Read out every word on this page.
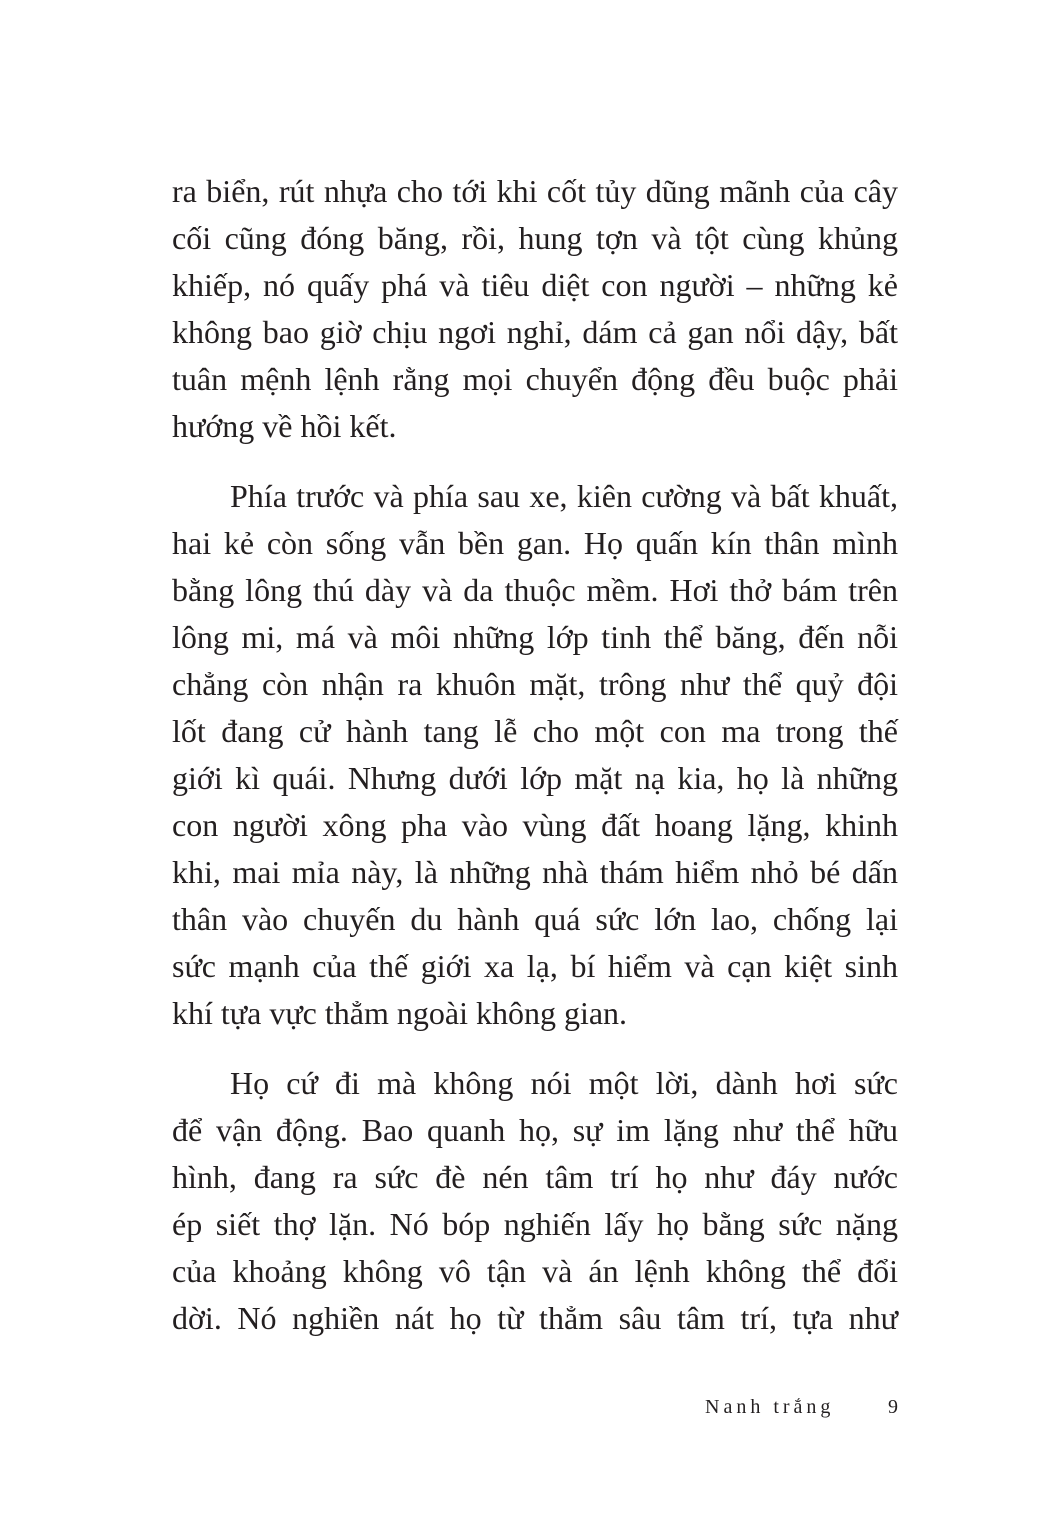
ra biển, rút nhựa cho tới khi cốt tủy dũng mãnh của cây
cối cũng đóng băng, rồi, hung tợn và tột cùng khủng
khiếp, nó quấy phá và tiêu diệt con người – những kẻ
không bao giờ chịu ngơi nghỉ, dám cả gan nổi dậy, bất
tuân mệnh lệnh rằng mọi chuyển động đều buộc phải
hướng về hồi kết.
Phía trước và phía sau xe, kiên cường và bất khuất,
hai kẻ còn sống vẫn bền gan. Họ quấn kín thân mình
bằng lông thú dày và da thuộc mềm. Hơi thở bám trên
lông mi, má và môi những lớp tinh thể băng, đến nỗi
chẳng còn nhận ra khuôn mặt, trông như thể quỷ đội
lốt đang cử hành tang lễ cho một con ma trong thế
giới kì quái. Nhưng dưới lớp mặt nạ kia, họ là những
con người xông pha vào vùng đất hoang lặng, khinh
khi, mai mỉa này, là những nhà thám hiểm nhỏ bé dấn
thân vào chuyến du hành quá sức lớn lao, chống lại
sức mạnh của thế giới xa lạ, bí hiểm và cạn kiệt sinh
khí tựa vực thẳm ngoài không gian.
Họ cứ đi mà không nói một lời, dành hơi sức
để vận động. Bao quanh họ, sự im lặng như thể hữu
hình, đang ra sức đè nén tâm trí họ như đáy nước
ép siết thợ lặn. Nó bóp nghiến lấy họ bằng sức nặng
của khoảng không vô tận và án lệnh không thể đổi
dời. Nó nghiền nát họ từ thẳm sâu tâm trí, tựa như
Nanh trắng	9
